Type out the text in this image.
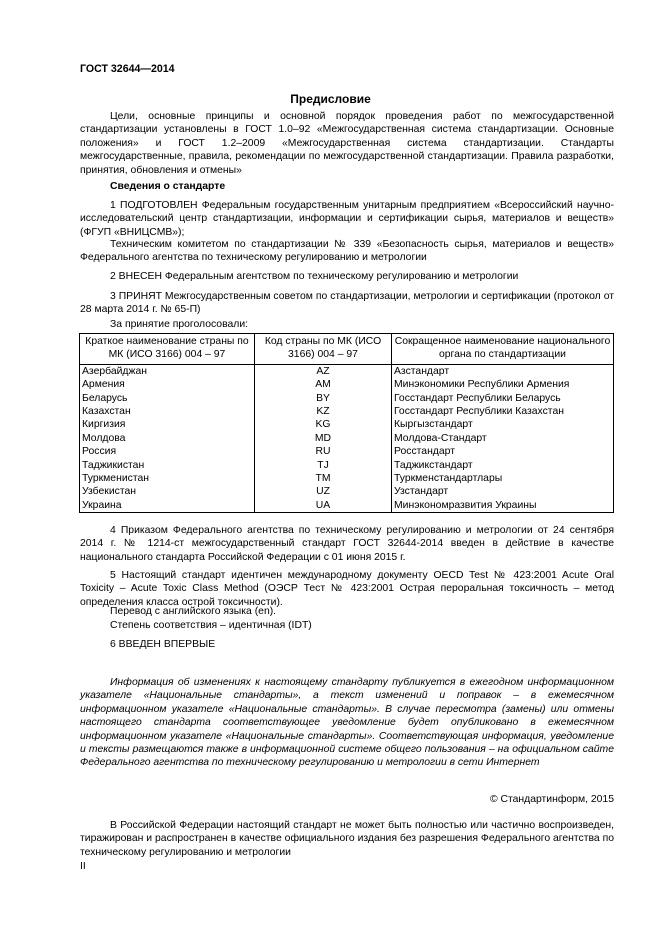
ГОСТ 32644—2014
Предисловие

Цели, основные принципы и основной порядок проведения работ по межгосударственной стандартизации установлены в ГОСТ 1.0–92 «Межгосударственная система стандартизации. Основные положения» и ГОСТ 1.2–2009 «Межгосударственная система стандартизации. Стандарты межгосударственные, правила, рекомендации по межгосударственной стандартизации. Правила разработки, принятия, обновления и отмены»

Сведения о стандарте

1 ПОДГОТОВЛЕН Федеральным государственным унитарным предприятием «Всероссийский научно-исследовательский центр стандартизации, информации и сертификации сырья, материалов и веществ» (ФГУП «ВНИЦСМВ»);

Техническим комитетом по стандартизации № 339 «Безопасность сырья, материалов и веществ» Федерального агентства по техническому регулированию и метрологии

2 ВНЕСЕН Федеральным агентством по техническому регулированию и метрологии

3 ПРИНЯТ Межгосударственным советом по стандартизации, метрологии и сертификации (протокол от 28 марта 2014 г. № 65-П)

За принятие проголосовали:
Краткое наименование страны по МК (ИСО 3166) 004 – 97	Код страны по МК (ИСО 3166) 004 – 97	Сокращенное наименование национального органа по стандартизации
Азербайджан	AZ	Азстандарт
Армения	AM	Минэкономики Республики Армения
Беларусь	BY	Госстандарт Республики Беларусь
Казахстан	KZ	Госстандарт Республики Казахстан
Киргизия	KG	Кыргызстандарт
Молдова	MD	Молдова-Стандарт
Россия	RU	Росстандарт
Таджикистан	TJ	Таджикстандарт
Туркменистан	TM	Туркменстандартлары
Узбекистан	UZ	Узстандарт
Украина	UA	Минэкономразвития Украины

4 Приказом Федерального агентства по техническому регулированию и метрологии от 24 сентября 2014 г. № 1214-ст межгосударственный стандарт ГОСТ 32644-2014 введен в действие в качестве национального стандарта Российской Федерации с 01 июня 2015 г.

5 Настоящий стандарт идентичен международному документу OECD Test № 423:2001 Acute Oral Toxicity – Acute Toxic Class Method (ОЭСР Тест № 423:2001 Острая пероральная токсичность – метод определения класса острой токсичности).

Перевод с английского языка (en).
Степень соответствия – идентичная (IDT)
6 ВВЕДЕН ВПЕРВЫЕ

Информация об изменениях к настоящему стандарту публикуется в ежегодном информационном указателе «Национальные стандарты», а текст изменений и поправок – в ежемесячном информационном указателе «Национальные стандарты». В случае пересмотра (замены) или отмены настоящего стандарта соответствующее уведомление будет опубликовано в ежемесячном информационном указателе «Национальные стандарты». Соответствующая информация, уведомление и тексты размещаются также в информационной системе общего пользования – на официальном сайте Федерального агентства по техническому регулированию и метрологии в сети Интернет

© Стандартинформ, 2015

В Российской Федерации настоящий стандарт не может быть полностью или частично воспроизведен, тиражирован и распространен в качестве официального издания без разрешения Федерального агентства по техническому регулированию и метрологии

II
